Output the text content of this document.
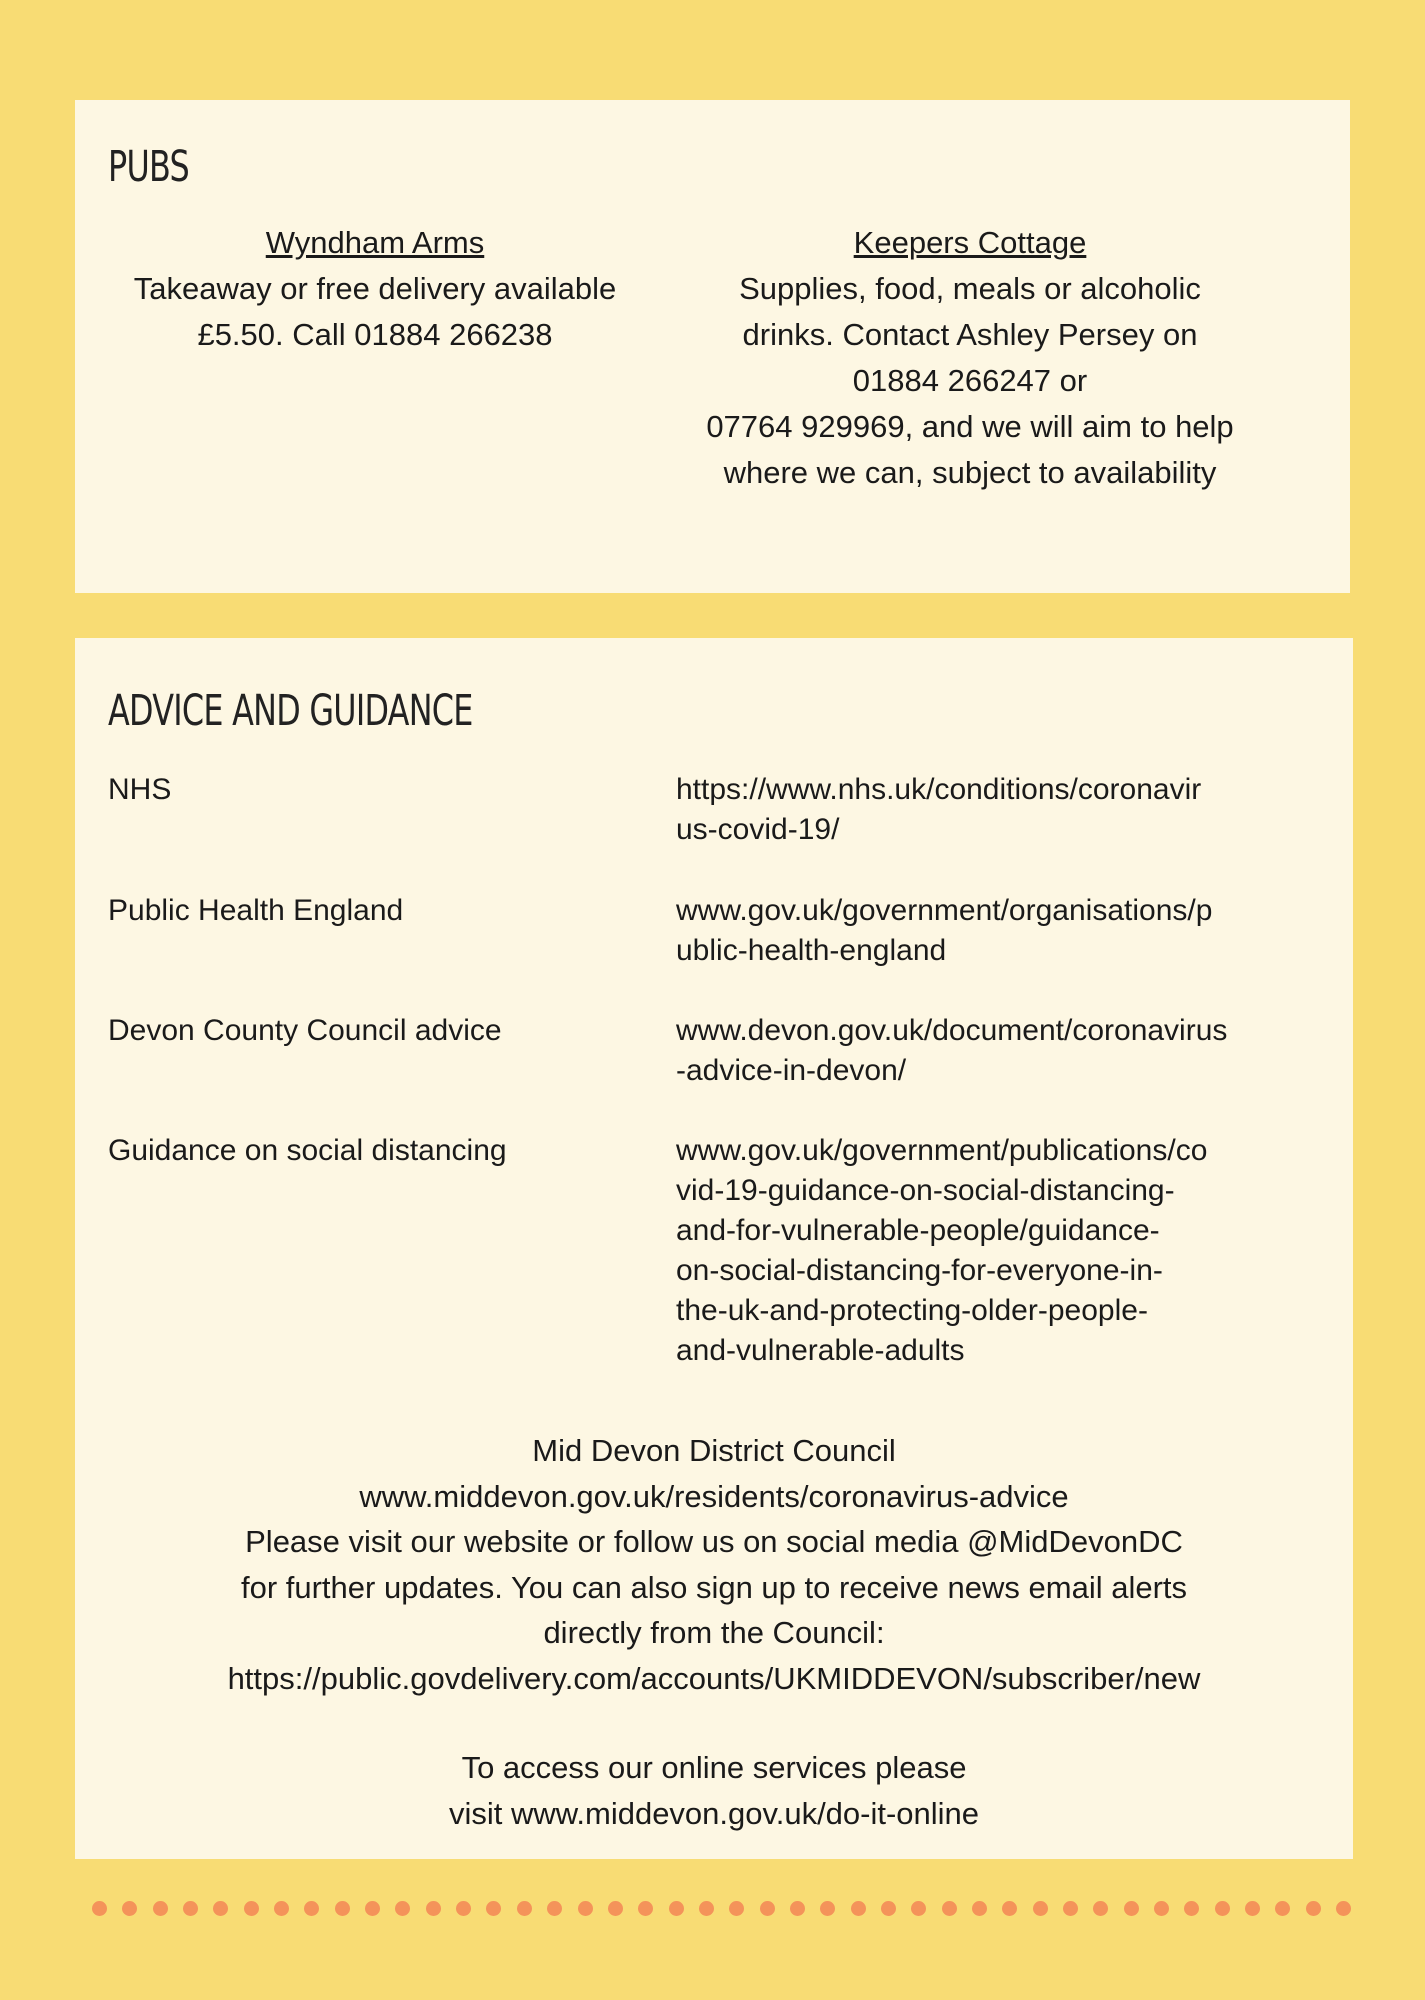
PUBS
Wyndham Arms
Takeaway or free delivery available
£5.50. Call 01884 266238
Keepers Cottage
Supplies, food, meals or alcoholic
drinks. Contact Ashley Persey on
01884 266247 or
07764 929969, and we will aim to help
where we can, subject to availability
ADVICE AND GUIDANCE
NHS	https://www.nhs.uk/conditions/coronavir
us-covid-19/
Public Health England	www.gov.uk/government/organisations/p
ublic-health-england
Devon County Council advice	www.devon.gov.uk/document/coronavirus
-advice-in-devon/
Guidance on social distancing	www.gov.uk/government/publications/co
vid-19-guidance-on-social-distancing-
and-for-vulnerable-people/guidance-
on-social-distancing-for-everyone-in-
the-uk-and-protecting-older-people-
and-vulnerable-adults
Mid Devon District Council
www.middevon.gov.uk/residents/coronavirus-advice
Please visit our website or follow us on social media @MidDevonDC
for further updates. You can also sign up to receive news email alerts
directly from the Council:
https://public.govdelivery.com/accounts/UKMIDDEVON/subscriber/new
To access our online services please
visit www.middevon.gov.uk/do-it-online
